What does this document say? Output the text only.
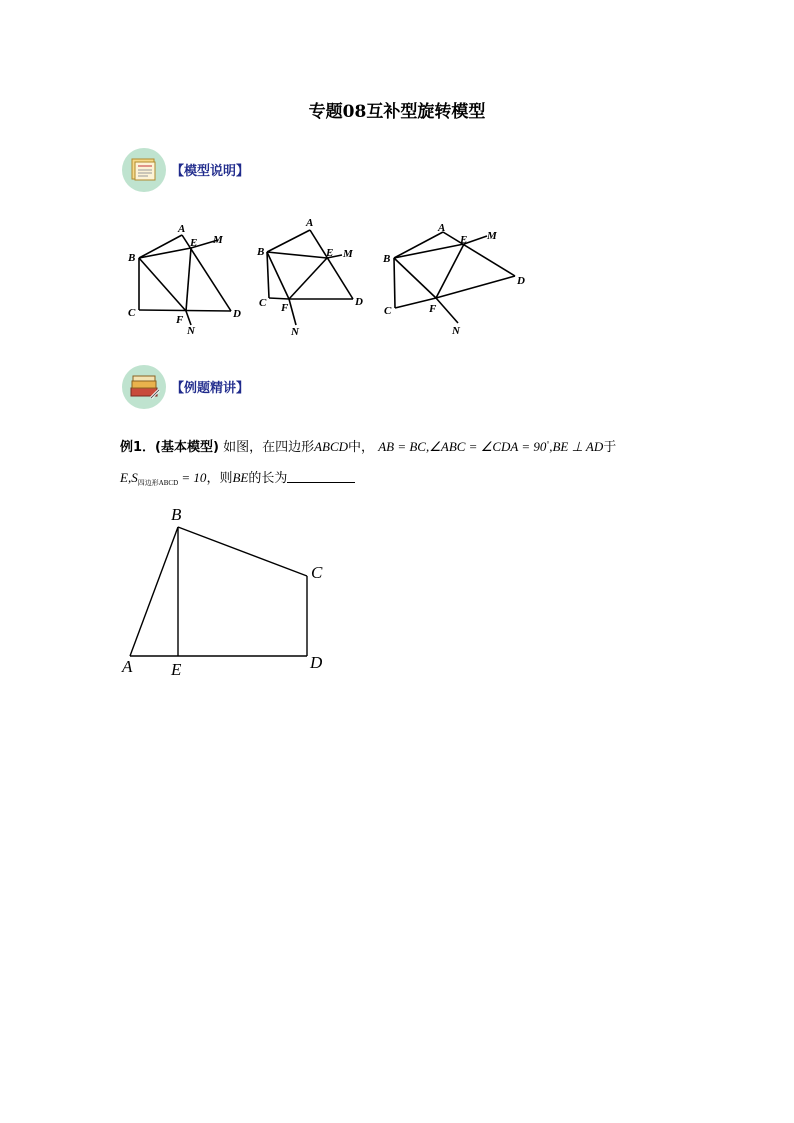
专题08互补型旋转模型
【模型说明】
A
B
C	D
E
F
M
N
A
B
C	D
E
F
M
N
A
B
C
D
E
F
M
N
【例题精讲】
例1．(基本模型) 如图，在四边形ABCD中， AB = BC,∠ABC = ∠CDA = 90°,BE ⊥ AD于
$E,S_{四边形ABCD} = 10$，则BE的长为
B
C
A E	D
